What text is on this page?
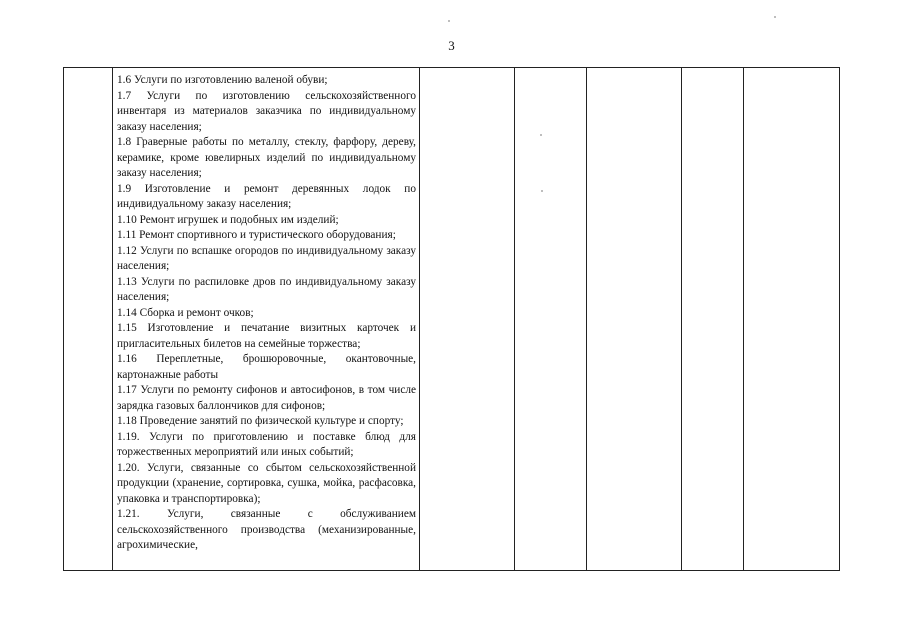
3

1.6 Услуги по изготовлению валеной обуви;
1.7 Услуги по изготовлению сельскохозяйственного инвентаря из материалов заказчика по индивидуальному заказу населения;
1.8 Граверные работы по металлу, стеклу, фарфору, дереву, керамике, кроме ювелирных изделий по индивидуальному заказу населения;
1.9 Изготовление и ремонт деревянных лодок по индивидуальному заказу населения;
1.10 Ремонт игрушек и подобных им изделий;
1.11 Ремонт спортивного и туристического оборудования;
1.12 Услуги по вспашке огородов по индивидуальному заказу населения;
1.13 Услуги по распиловке дров по индивидуальному заказу населения;
1.14 Сборка и ремонт очков;
1.15 Изготовление и печатание визитных карточек и пригласительных билетов на семейные торжества;
1.16 Переплетные, брошюровочные, окантовочные, картонажные работы
1.17 Услуги по ремонту сифонов и автосифонов, в том числе зарядка газовых баллончиков для сифонов;
1.18 Проведение занятий по физической культуре и спорту;
1.19. Услуги по приготовлению и поставке блюд для торжественных мероприятий или иных событий;
1.20. Услуги, связанные со сбытом сельскохозяйственной продукции (хранение, сортировка, сушка, мойка, расфасовка, упаковка и транспортировка);
1.21. Услуги, связанные с обслуживанием сельскохозяйственного производства (механизированные, агрохимические,
